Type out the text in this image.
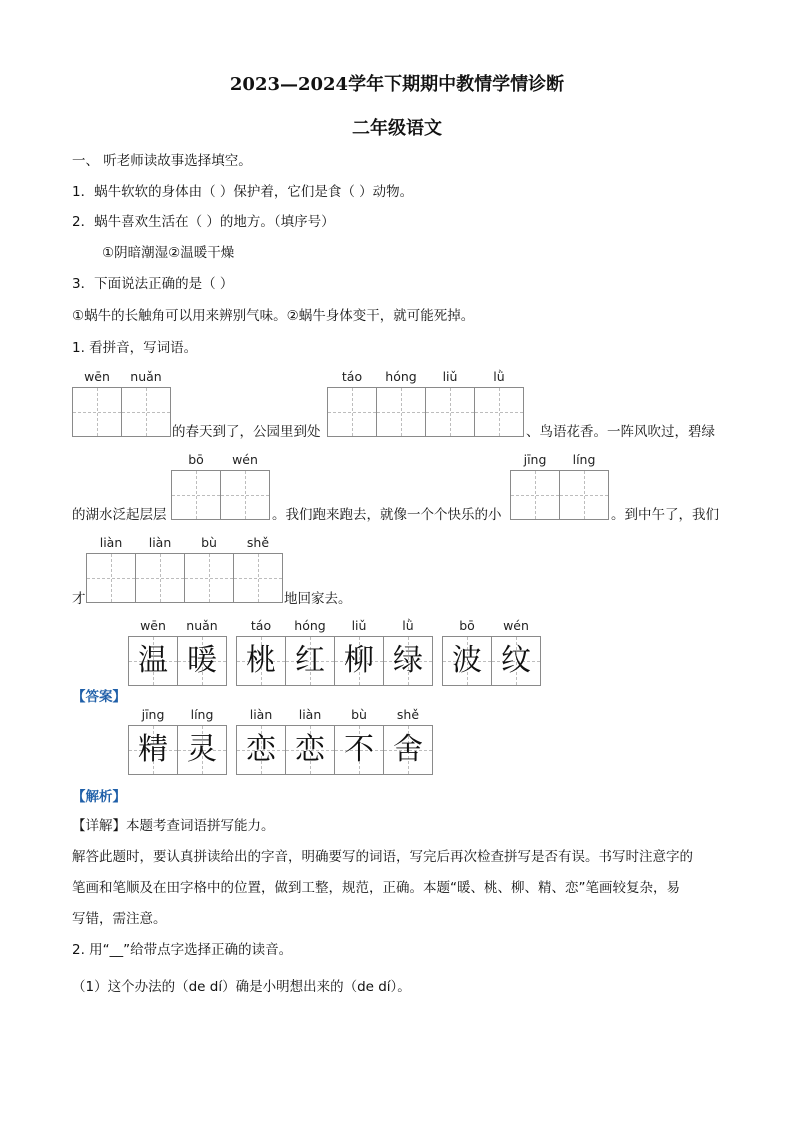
2023—2024学年下期期中教情学情诊断
二年级语文
一、 听老师读故事选择填空。
1．蜗牛软软的身体由（ ）保护着，它们是食（ ）动物。
2．蜗牛喜欢生活在（ ）的地方。（填序号）
①阴暗潮湿②温暖干燥
3．下面说法正确的是（ ）
①蜗牛的长触角可以用来辨别气味。②蜗牛身体变干，就可能死掉。
1. 看拼音，写词语。
wēn	nuǎn
的春天到了，公园里到处
táo	hóng	liǔ	lǜ
、鸟语花香。一阵风吹过，碧绿
的湖水泛起层层
bō	wén
。我们跑来跑去，就像一个个快乐的小
jīng	líng
。到中午了，我们
才
liàn	liàn	bù	shě
地回家去。
wēn	nuǎn
温 暖
táo	hóng	liǔ	lǜ
桃 红 柳 绿
bō	wén
波 纹
【答案】
jīng	líng
精 灵
liàn	liàn	bù	shě
恋 恋 不 舍
【解析】
【详解】本题考查词语拼写能力。
解答此题时，要认真拼读给出的字音，明确要写的词语，写完后再次检查拼写是否有误。书写时注意字的
笔画和笔顺及在田字格中的位置，做到工整，规范，正确。本题“暖、桃、柳、精、恋”笔画较复杂，易
写错，需注意。
2. 用“__”给带点字选择正确的读音。
（1）这个办法的（de dí）确是小明想出来的（de dí）。
